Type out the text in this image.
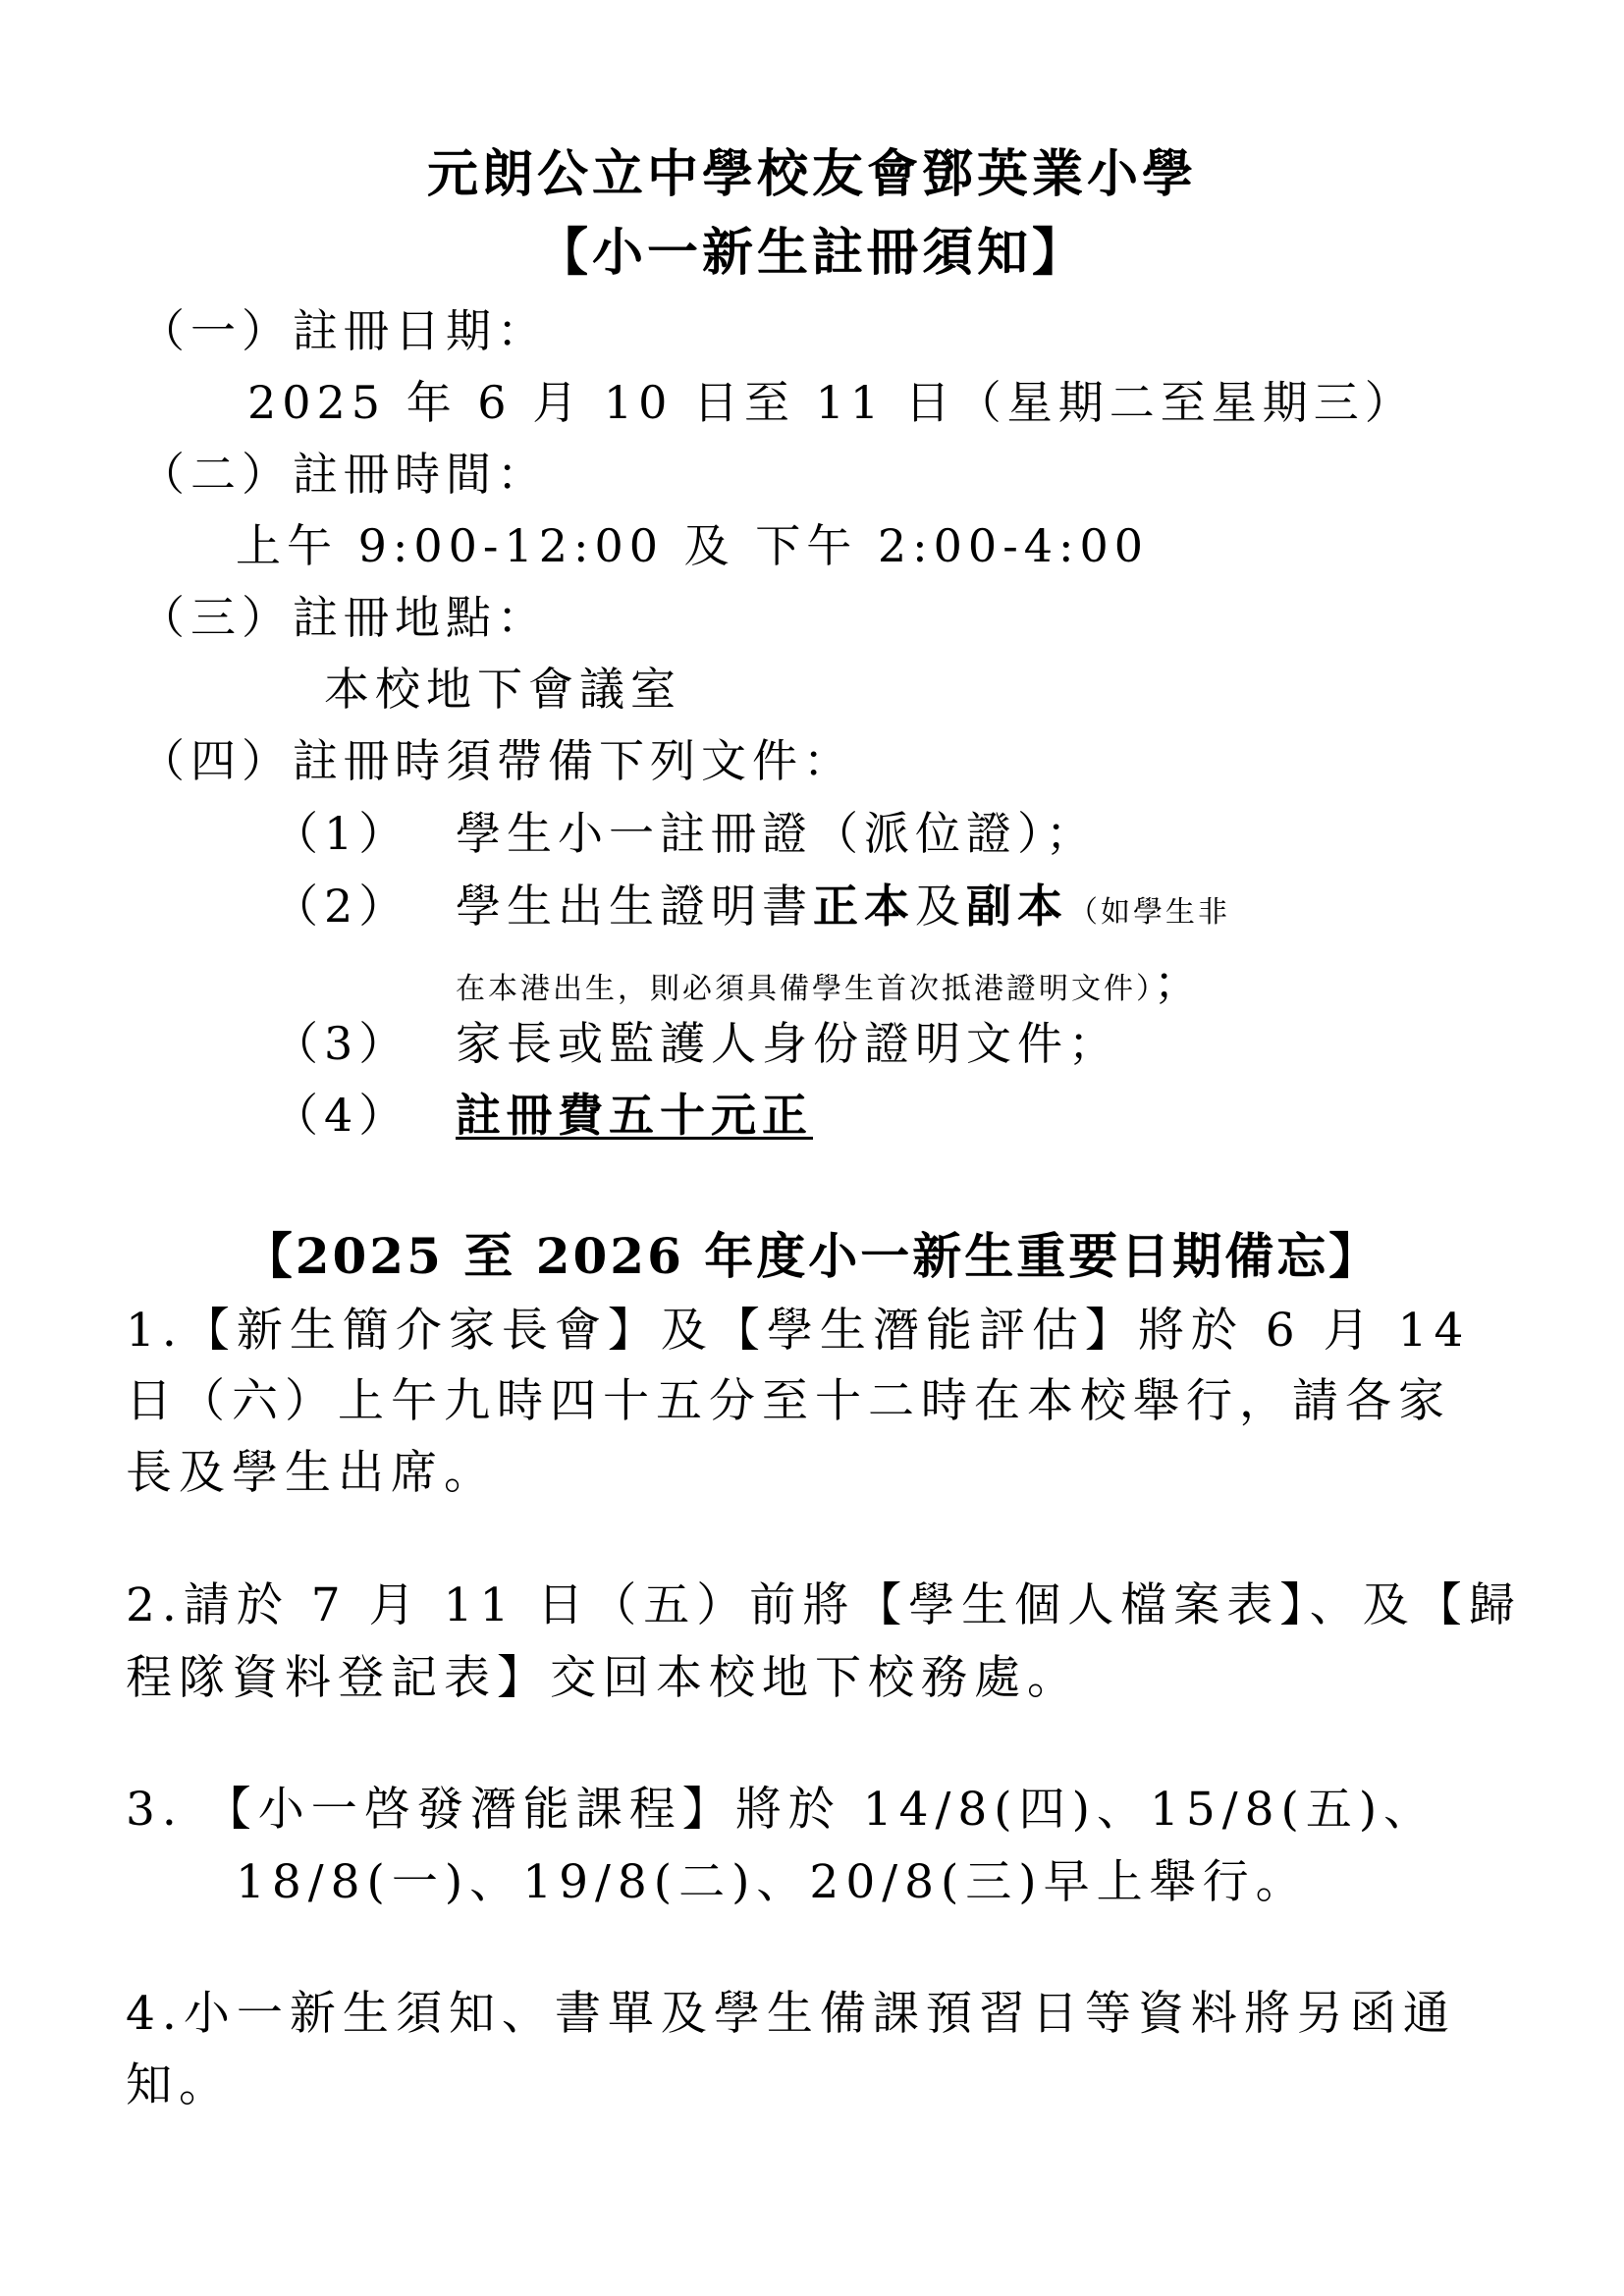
元朗公立中學校友會鄧英業小學
【小一新生註冊須知】
（一）註冊日期：
2025 年 6 月 10 日至 11 日（星期二至星期三）
（二）註冊時間：
上午 9:00-12:00 及 下午 2:00-4:00
（三）註冊地點：
本校地下會議室
（四）註冊時須帶備下列文件：
（1） 學生小一註冊證（派位證）；
（2） 學生出生證明書正本及副本（如學生非
在本港出生，則必須具備學生首次抵港證明文件）；
（3） 家長或監護人身份證明文件；
（4） 註冊費五十元正
【2025 至 2026 年度小一新生重要日期備忘】
1.【新生簡介家長會】及【學生潛能評估】將於 6 月 14
日（六）上午九時四十五分至十二時在本校舉行，請各家
長及學生出席。
2.請於 7 月 11 日（五）前將【學生個人檔案表】、及【歸
程隊資料登記表】交回本校地下校務處。
3. 【小一啓發潛能課程】將於 14/8(四)、15/8(五)、
18/8(一)、19/8(二)、20/8(三)早上舉行。
4.小一新生須知、書單及學生備課預習日等資料將另函通
知。
